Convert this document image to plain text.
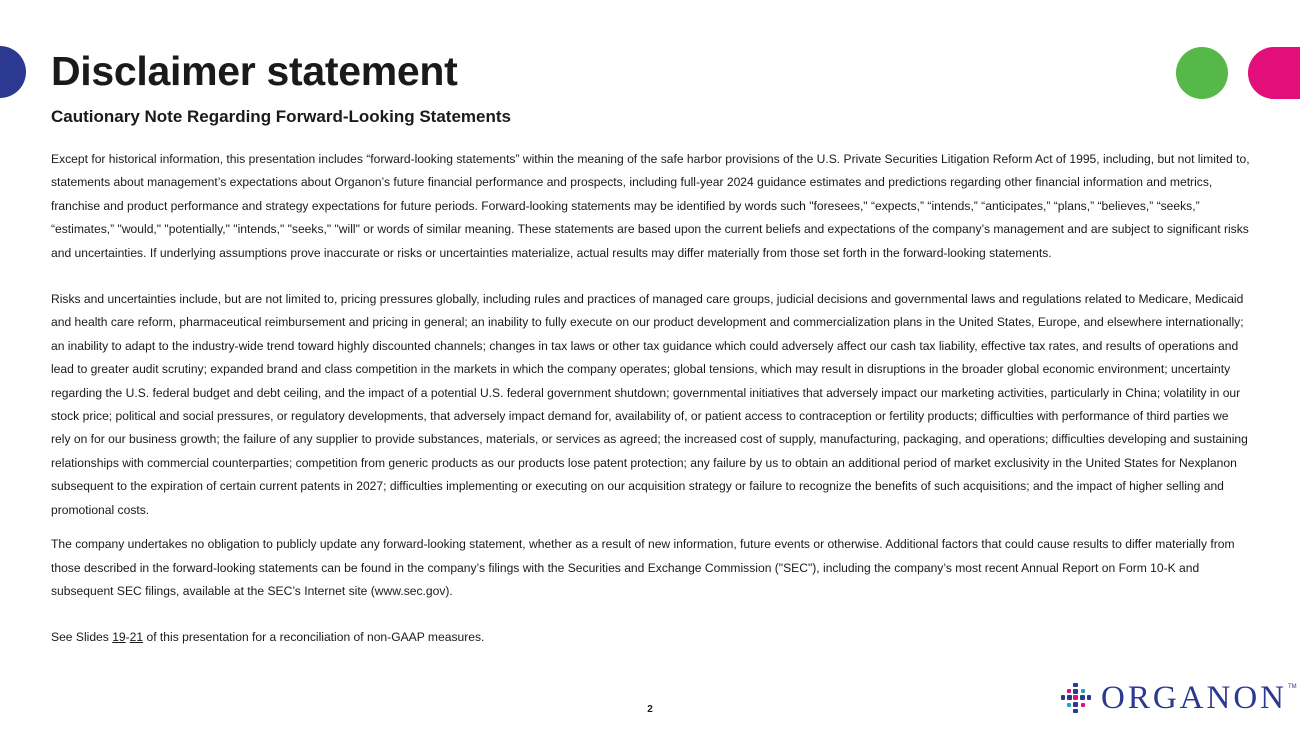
Disclaimer statement
Cautionary Note Regarding Forward-Looking Statements

Except for historical information, this presentation includes “forward-looking statements” within the meaning of the safe harbor provisions of the U.S. Private Securities Litigation Reform Act of 1995, including, but not limited to, statements about management’s expectations about Organon’s future financial performance and prospects, including full-year 2024 guidance estimates and predictions regarding other financial information and metrics, franchise and product performance and strategy expectations for future periods. Forward-looking statements may be identified by words such "foresees," “expects,” “intends,” “anticipates,” “plans,” “believes,” “seeks,” “estimates,” "would," "potentially," "intends," "seeks," "will" or words of similar meaning. These statements are based upon the current beliefs and expectations of the company’s management and are subject to significant risks and uncertainties. If underlying assumptions prove inaccurate or risks or uncertainties materialize, actual results may differ materially from those set forth in the forward-looking statements.

Risks and uncertainties include, but are not limited to, pricing pressures globally, including rules and practices of managed care groups, judicial decisions and governmental laws and regulations related to Medicare, Medicaid and health care reform, pharmaceutical reimbursement and pricing in general; an inability to fully execute on our product development and commercialization plans in the United States, Europe, and elsewhere internationally; an inability to adapt to the industry-wide trend toward highly discounted channels; changes in tax laws or other tax guidance which could adversely affect our cash tax liability, effective tax rates, and results of operations and lead to greater audit scrutiny; expanded brand and class competition in the markets in which the company operates; global tensions, which may result in disruptions in the broader global economic environment; uncertainty regarding the U.S. federal budget and debt ceiling, and the impact of a potential U.S. federal government shutdown; governmental initiatives that adversely impact our marketing activities, particularly in China; volatility in our stock price; political and social pressures, or regulatory developments, that adversely impact demand for, availability of, or patient access to contraception or fertility products; difficulties with performance of third parties we rely on for our business growth; the failure of any supplier to provide substances, materials, or services as agreed; the increased cost of supply, manufacturing, packaging, and operations; difficulties developing and sustaining relationships with commercial counterparties; competition from generic products as our products lose patent protection; any failure by us to obtain an additional period of market exclusivity in the United States for Nexplanon subsequent to the expiration of certain current patents in 2027; difficulties implementing or executing on our acquisition strategy or failure to recognize the benefits of such acquisitions; and the impact of higher selling and promotional costs.

The company undertakes no obligation to publicly update any forward-looking statement, whether as a result of new information, future events or otherwise. Additional factors that could cause results to differ materially from those described in the forward-looking statements can be found in the company’s filings with the Securities and Exchange Commission ("SEC"), including the company’s most recent Annual Report on Form 10-K and subsequent SEC filings, available at the SEC’s Internet site (www.sec.gov).

See Slides 19-21 of this presentation for a reconciliation of non-GAAP measures.

2	ORGANON TM
